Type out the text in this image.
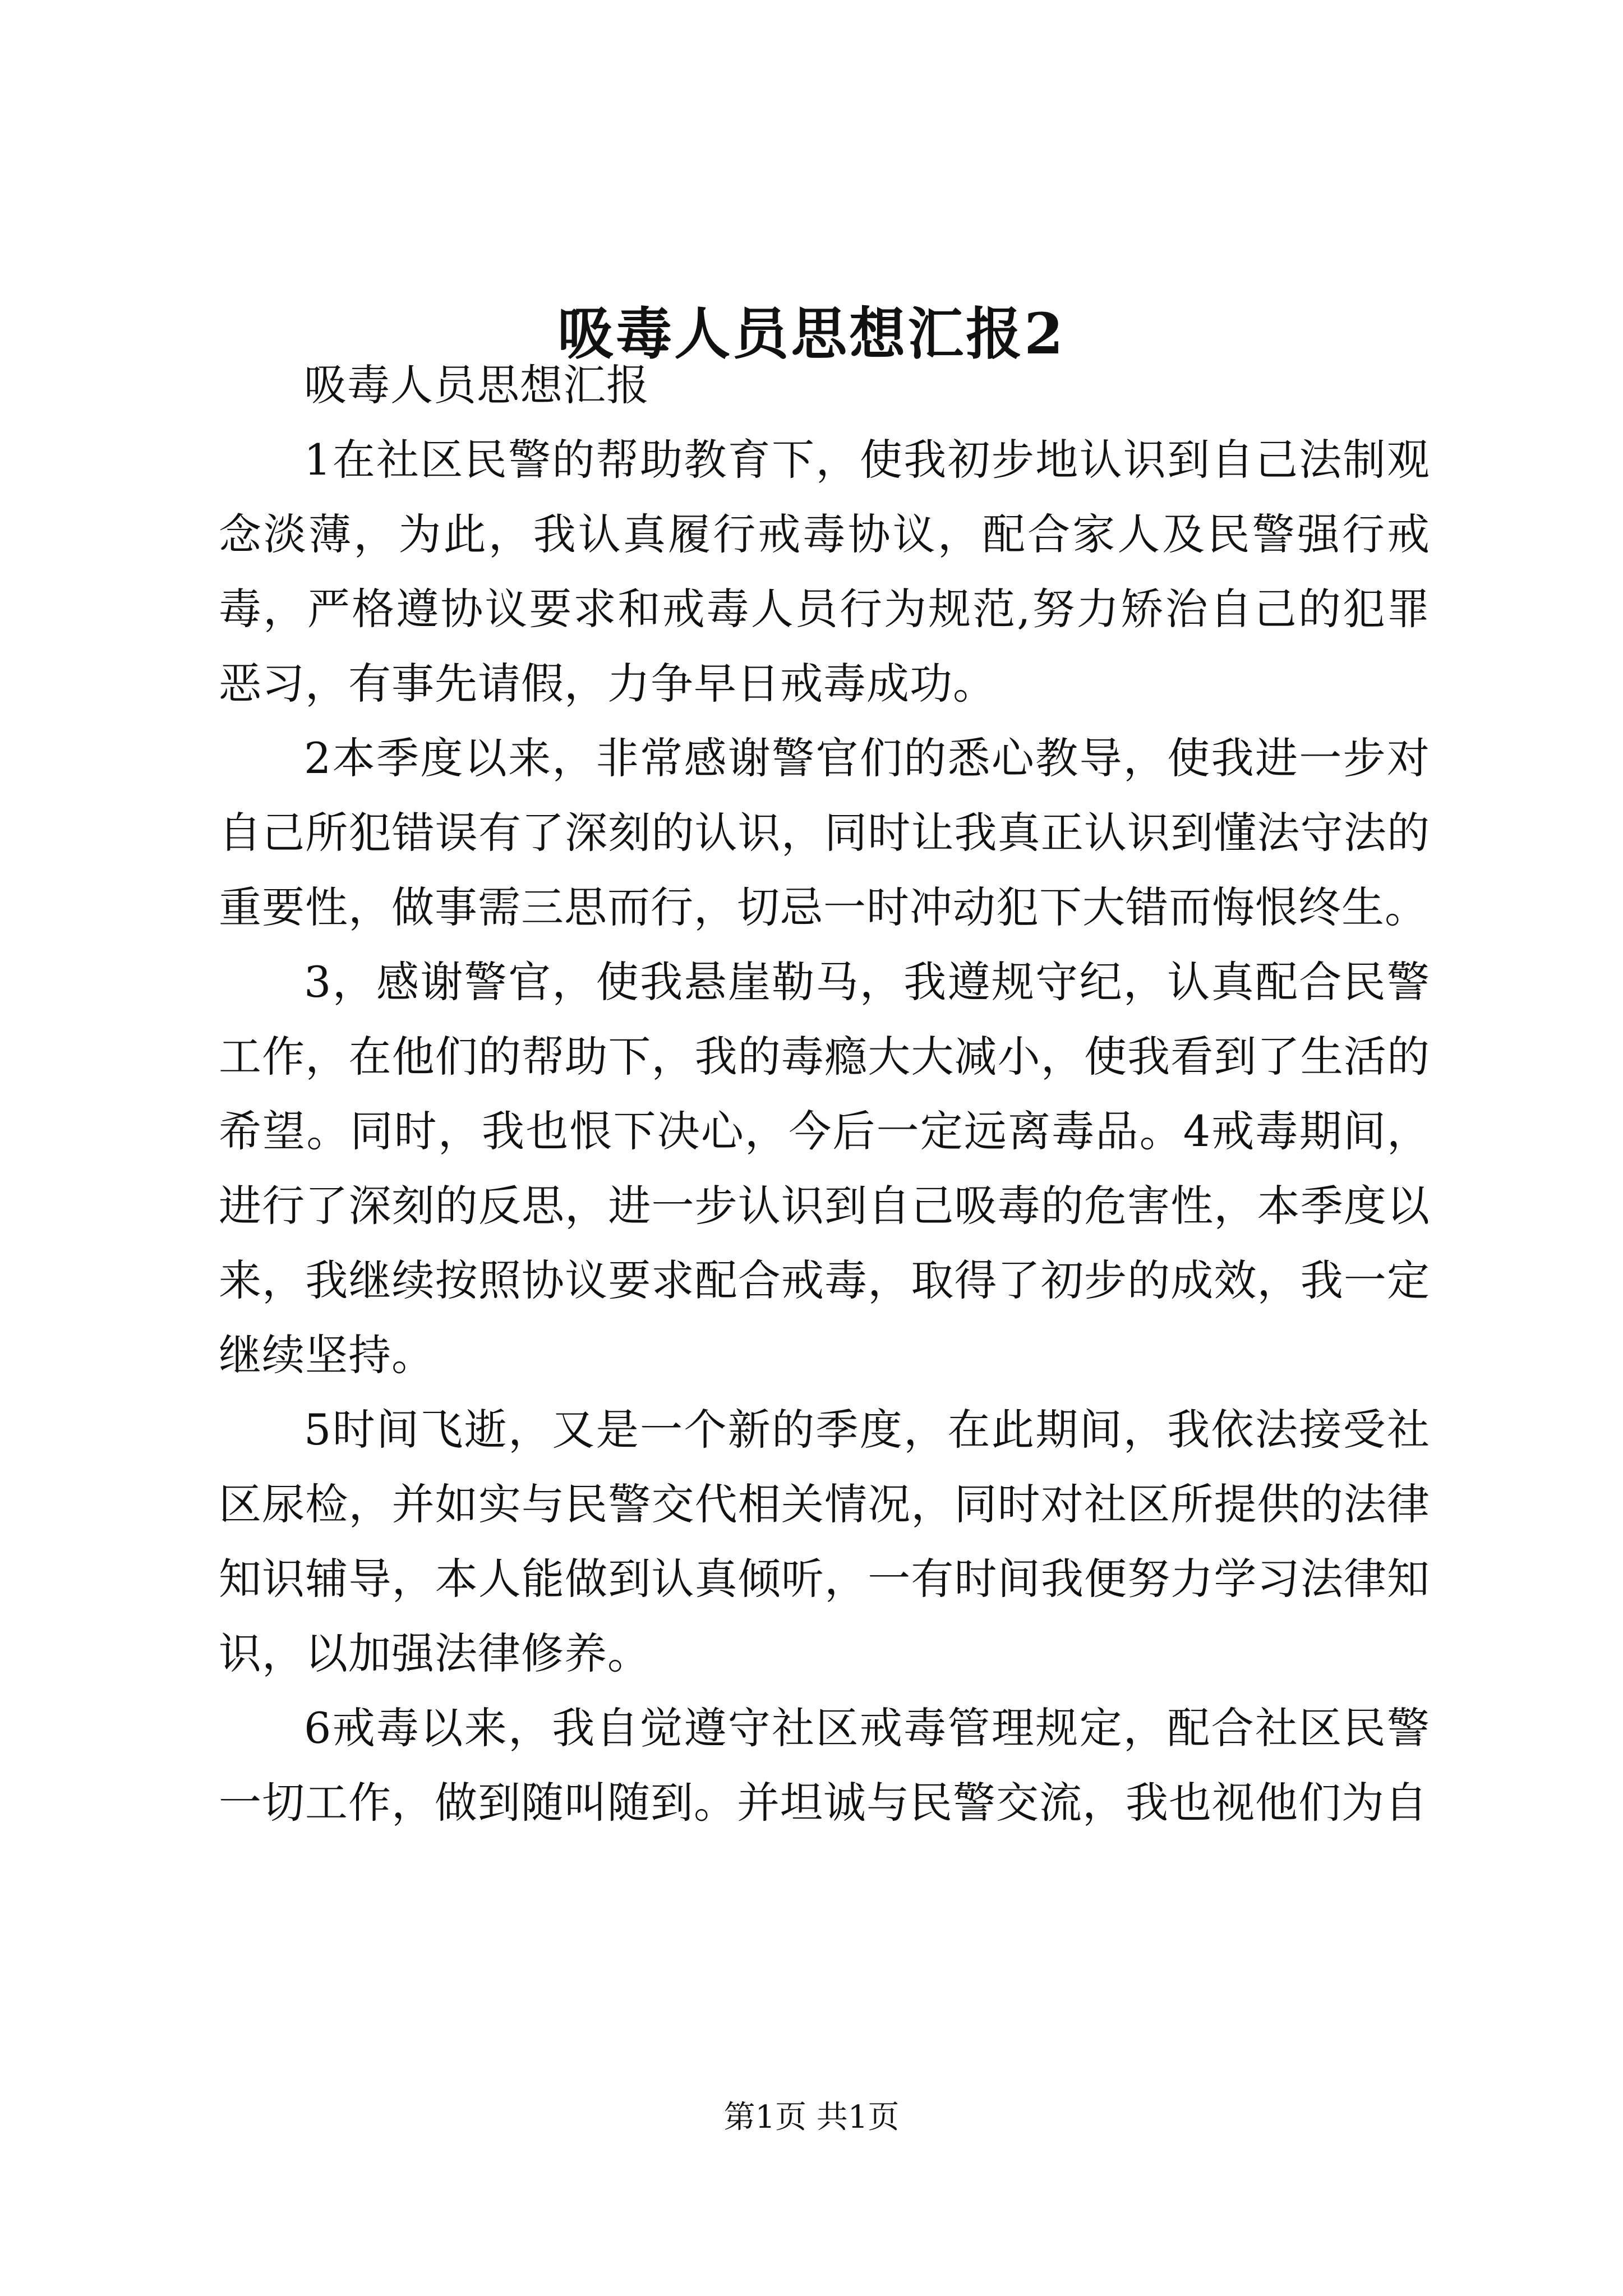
吸毒人员思想汇报2

吸毒人员思想汇报

1在社区民警的帮助教育下，使我初步地认识到自己法制观念淡薄，为此，我认真履行戒毒协议，配合家人及民警强行戒毒，严格遵协议要求和戒毒人员行为规范,努力矫治自己的犯罪恶习，有事先请假，力争早日戒毒成功。

2本季度以来，非常感谢警官们的悉心教导，使我进一步对自己所犯错误有了深刻的认识，同时让我真正认识到懂法守法的重要性，做事需三思而行，切忌一时冲动犯下大错而悔恨终生。

3，感谢警官，使我悬崖勒马，我遵规守纪，认真配合民警工作，在他们的帮助下，我的毒瘾大大减小，使我看到了生活的希望。同时，我也恨下决心，今后一定远离毒品。4戒毒期间，进行了深刻的反思，进一步认识到自己吸毒的危害性，本季度以来，我继续按照协议要求配合戒毒，取得了初步的成效，我一定继续坚持。

5时间飞逝，又是一个新的季度，在此期间，我依法接受社区尿检，并如实与民警交代相关情况，同时对社区所提供的法律知识辅导，本人能做到认真倾听，一有时间我便努力学习法律知识，以加强法律修养。

6戒毒以来，我自觉遵守社区戒毒管理规定，配合社区民警一切工作，做到随叫随到。并坦诚与民警交流，我也视他们为自

第1页 共1页
